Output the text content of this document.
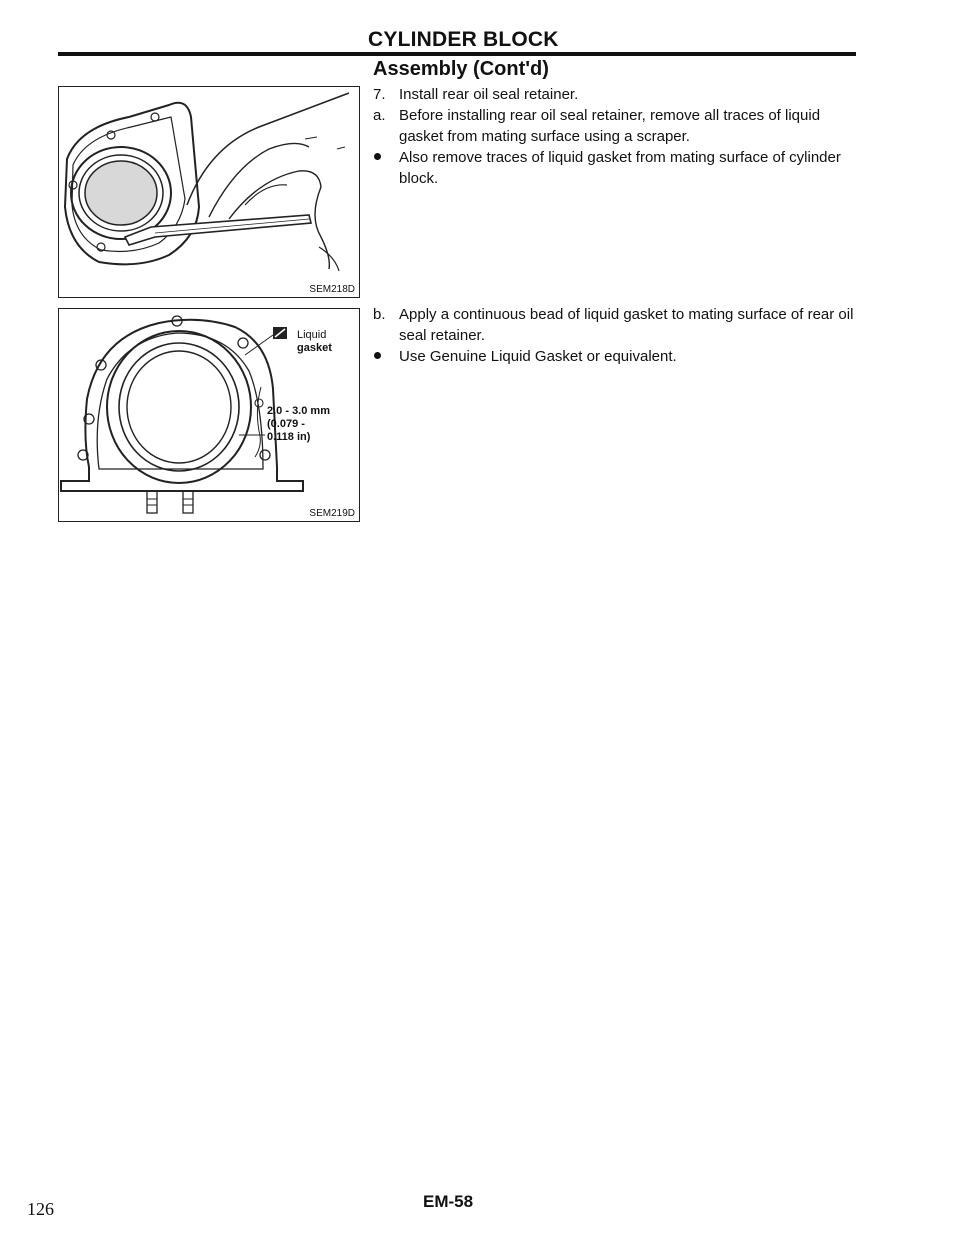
CYLINDER BLOCK
Assembly (Cont'd)
SEM218D
Liquid
gasket
2.0 - 3.0 mm
(0.079 -
0.118 in)
SEM219D
7. Install rear oil seal retainer.
a. Before installing rear oil seal retainer, remove all traces of liquid gasket from mating surface using a scraper.
Also remove traces of liquid gasket from mating surface of cylinder block.
b. Apply a continuous bead of liquid gasket to mating surface of rear oil seal retainer.
Use Genuine Liquid Gasket or equivalent.
EM-58
126
